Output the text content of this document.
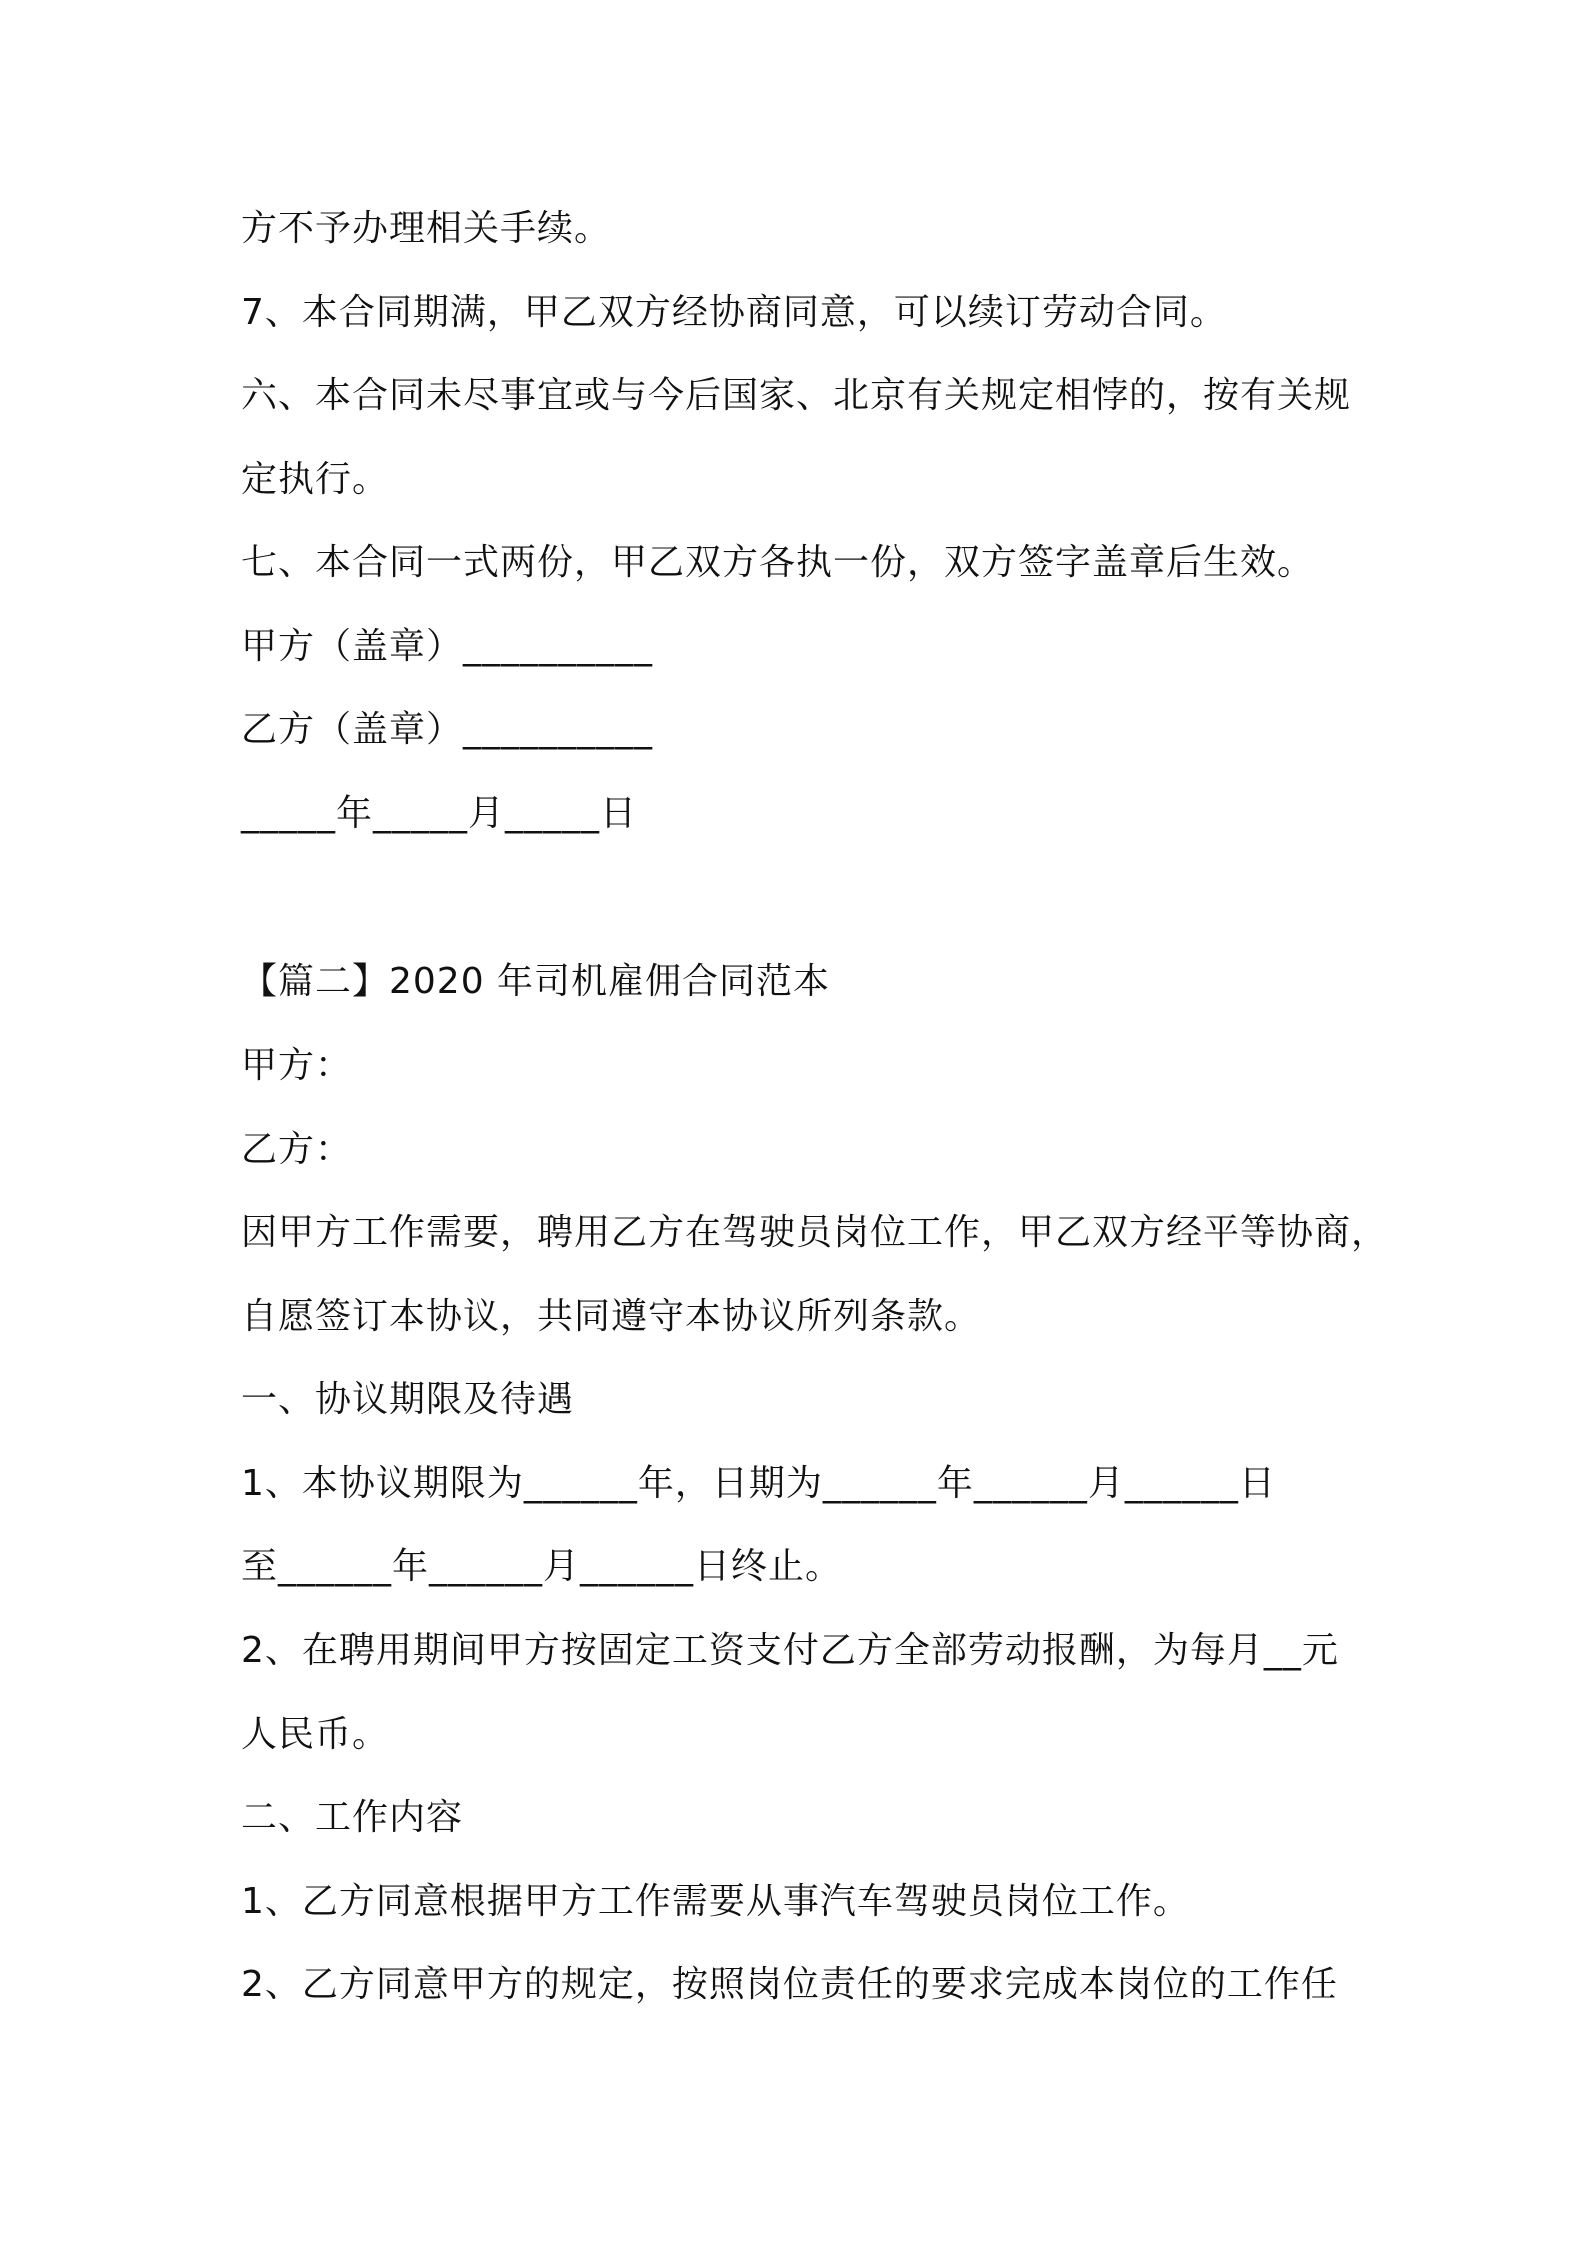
方不予办理相关手续。
7、本合同期满，甲乙双方经协商同意，可以续订劳动合同。
六、本合同未尽事宜或与今后国家、北京有关规定相悖的，按有关规
定执行。
七、本合同一式两份，甲乙双方各执一份，双方签字盖章后生效。
甲方（盖章）__________
乙方（盖章）__________
_____年_____月_____日
【篇二】2020 年司机雇佣合同范本
甲方：
乙方：
因甲方工作需要，聘用乙方在驾驶员岗位工作，甲乙双方经平等协商，
自愿签订本协议，共同遵守本协议所列条款。
一、协议期限及待遇
1、本协议期限为______年，日期为______年______月______日
至______年______月______日终止。
2、在聘用期间甲方按固定工资支付乙方全部劳动报酬，为每月__元
人民币。
二、工作内容
1、乙方同意根据甲方工作需要从事汽车驾驶员岗位工作。
2、乙方同意甲方的规定，按照岗位责任的要求完成本岗位的工作任
